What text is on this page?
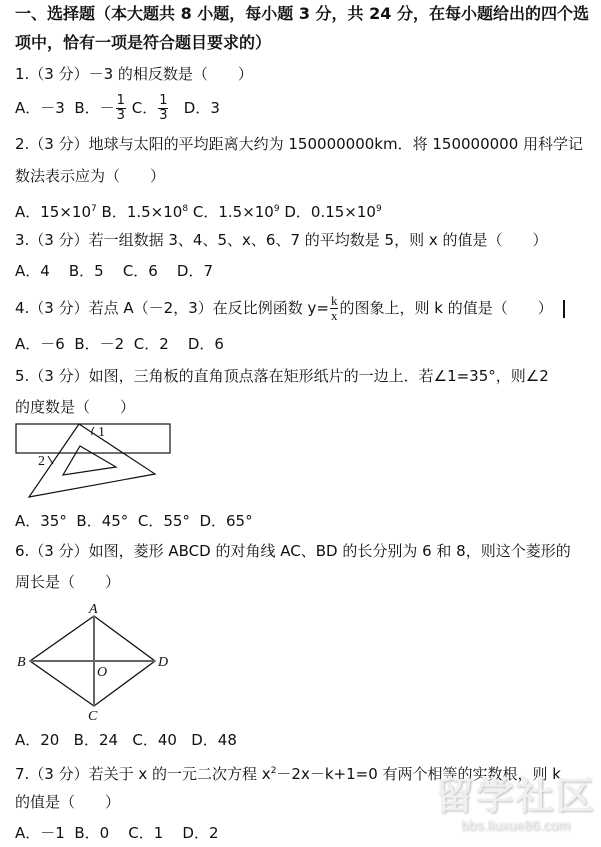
一、选择题（本大题共 8 小题，每小题 3 分，共 24 分，在每小题给出的四个选
项中，恰有一项是符合题目要求的）
1.（3 分）－3 的相反数是（　　）
A．－3 B．－ $\frac{1}{3}$ C． $\frac{1}{3}$ D．3
2.（3 分）地球与太阳的平均距离大约为 150000000km．将 150000000 用科学记
数法表示应为（　　）
A．$15\times 10^7$ B．$1.5\times 10^8$ C．$1.5\times 10^9$ D．$0.15\times 10^9$
3.（3 分）若一组数据 3、4、5、x、6、7 的平均数是 5，则 x 的值是（　　）
A．4 B．5 C．6 D．7
4.（3 分）若点 A（－2，3）在反比例函数 $y= \frac{k}{x}$ 的图象上，则 k 的值是（　　）
A．－6 B．－2 C．2 D．6
5.（3 分）如图，三角板的直角顶点落在矩形纸片的一边上．若∠1=35°，则∠2
的度数是（　　）
1
2
A．35° B．45° C．55° D．65°
6.（3 分）如图，菱形 ABCD 的对角线 AC、BD 的长分别为 6 和 8，则这个菱形的
周长是（　　）
A
B
C
D
O
A．20 B．24 C．40 D．48
7.（3 分）若关于 x 的一元二次方程 $x^2-2x-k+1=0$ 有两个相等的实数根，则 k
的值是（　　）
A．－1 B．0 C．1 D．2
留学社区
bbs.liuxue86.com
